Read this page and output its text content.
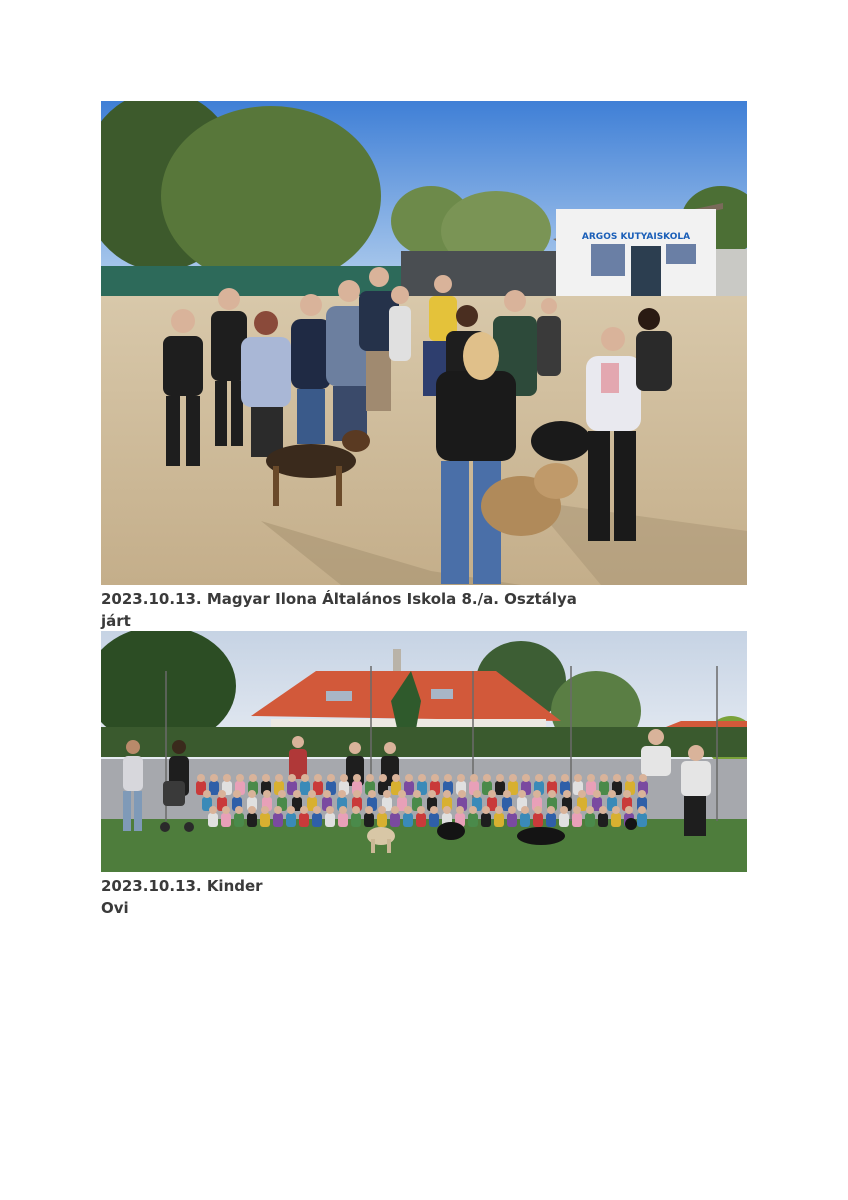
ARGOS KUTYAISKOLA
2023.10.13. Magyar Ilona Általános Iskola 8./a. Osztálya járt
2023.10.13. Kinder
Ovi
